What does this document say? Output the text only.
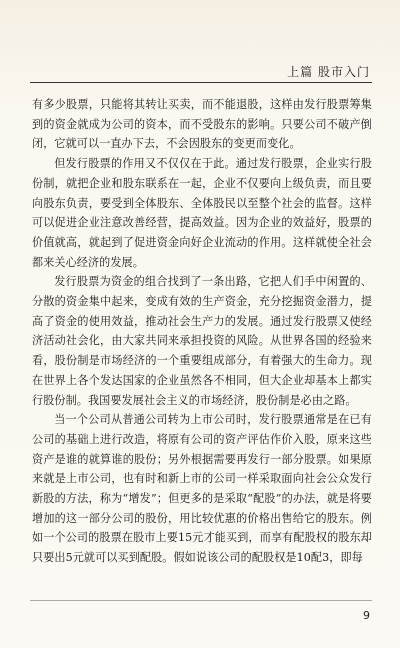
上篇 股市入门

有多少股票，只能将其转让买卖，而不能退股，这样由发行股票筹集到的资金就成为公司的资本，而不受股东的影响。只要公司不破产倒闭，它就可以一直办下去，不会因股东的变更而变化。

但发行股票的作用又不仅仅在于此。通过发行股票，企业实行股份制，就把企业和股东联系在一起，企业不仅要向上级负责，而且要向股东负责，要受到全体股东、全体股民以至整个社会的监督。这样可以促进企业注意改善经营，提高效益。因为企业的效益好，股票的价值就高，就起到了促进资金向好企业流动的作用。这样就使全社会都来关心经济的发展。

发行股票为资金的组合找到了一条出路，它把人们手中闲置的、分散的资金集中起来，变成有效的生产资金，充分挖掘资金潜力，提高了资金的使用效益，推动社会生产力的发展。通过发行股票又使经济活动社会化，由大家共同来承担投资的风险。从世界各国的经验来看，股份制是市场经济的一个重要组成部分，有着强大的生命力。现在世界上各个发达国家的企业虽然各不相同，但大企业却基本上都实行股份制。我国要发展社会主义的市场经济，股份制是必由之路。

当一个公司从普通公司转为上市公司时，发行股票通常是在已有公司的基础上进行改造，将原有公司的资产评估作价入股，原来这些资产是谁的就算谁的股份；另外根据需要再发行一部分股票。如果原来就是上市公司，也有时和新上市的公司一样采取面向社会公众发行新股的方法，称为“增发”；但更多的是采取“配股”的办法，就是将要增加的这一部分公司的股份，用比较优惠的价格出售给它的股东。例如一个公司的股票在股市上要15元才能买到，而享有配股权的股东却只要出5元就可以买到配股。假如说该公司的配股权是10配3，即每

9
